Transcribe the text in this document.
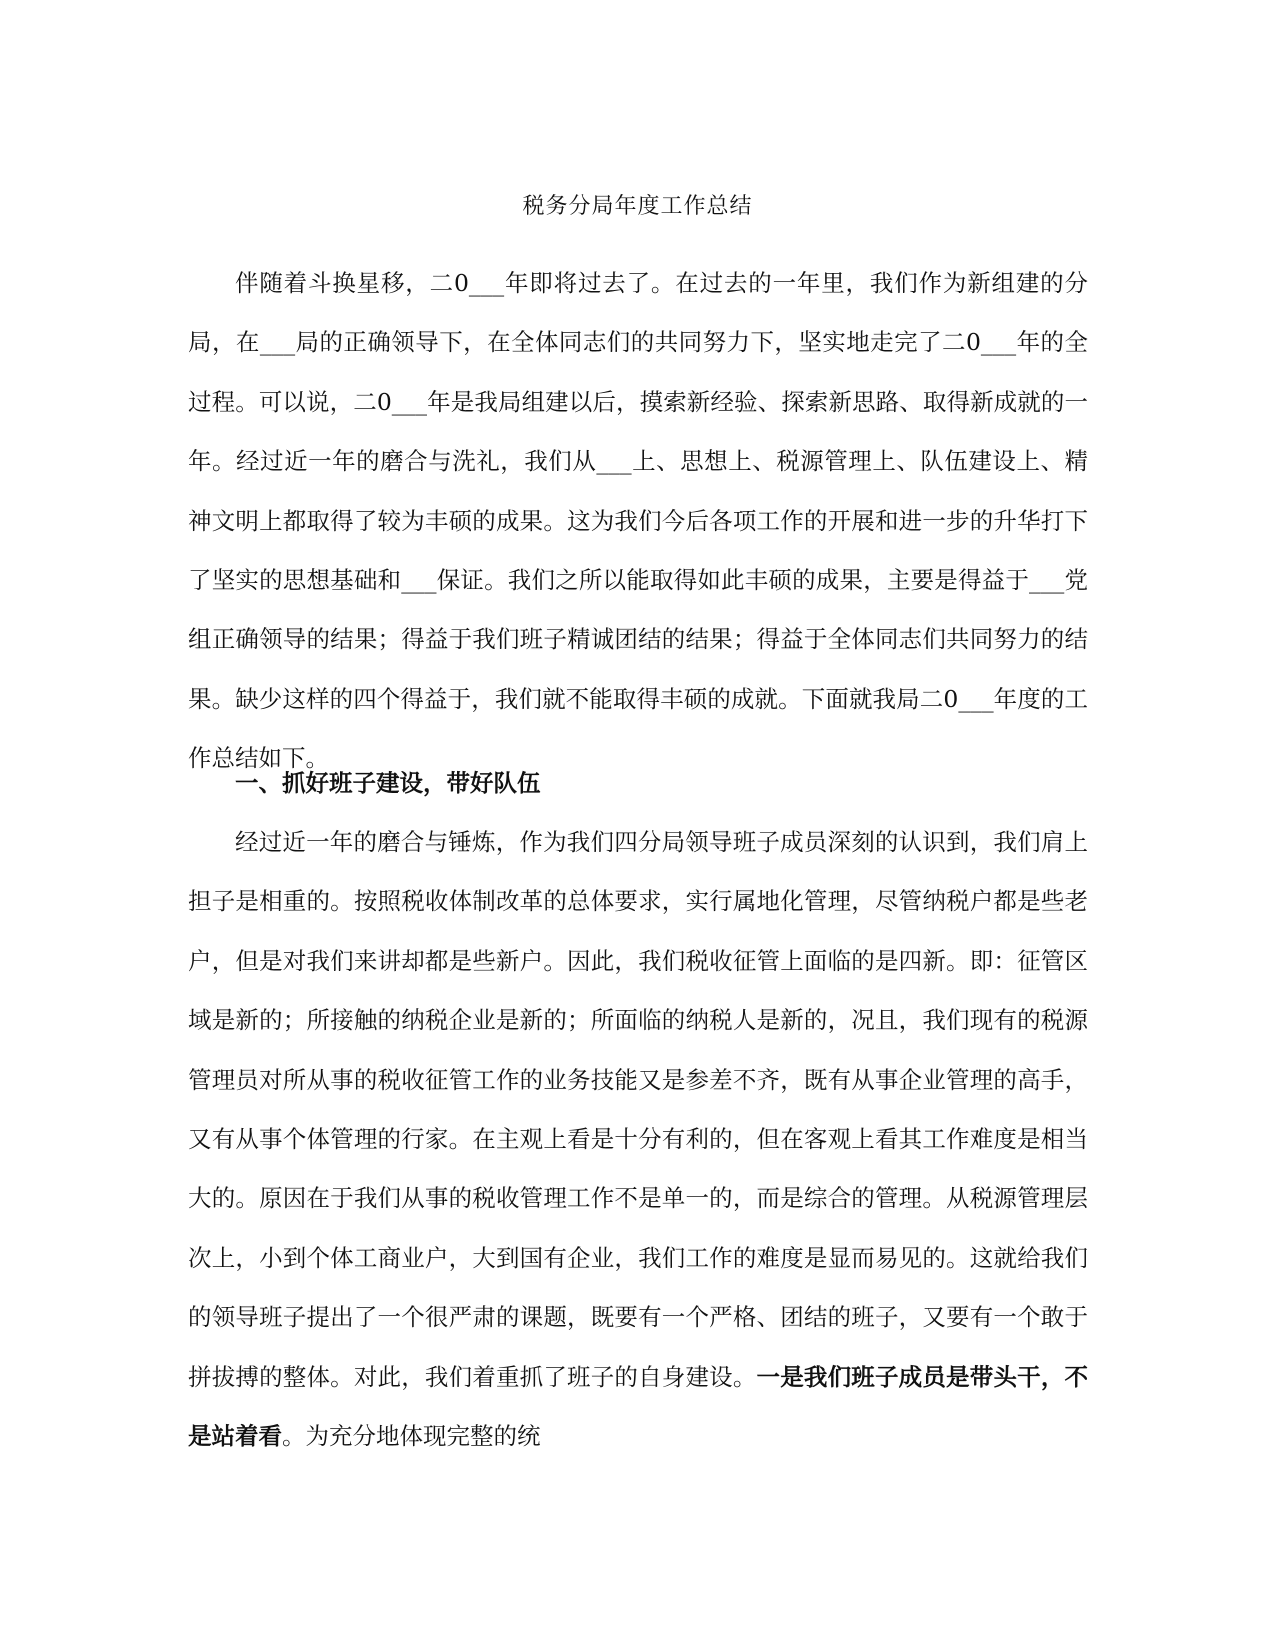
税务分局年度工作总结

伴随着斗换星移，二0___年即将过去了。在过去的一年里，我们作为新组建的分局，在___局的正确领导下，在全体同志们的共同努力下，坚实地走完了二0___年的全过程。可以说，二0___年是我局组建以后，摸索新经验、探索新思路、取得新成就的一年。经过近一年的磨合与洗礼，我们从___上、思想上、税源管理上、队伍建设上、精神文明上都取得了较为丰硕的成果。这为我们今后各项工作的开展和进一步的升华打下了坚实的思想基础和___保证。我们之所以能取得如此丰硕的成果，主要是得益于___党组正确领导的结果；得益于我们班子精诚团结的结果；得益于全体同志们共同努力的结果。缺少这样的四个得益于，我们就不能取得丰硕的成就。下面就我局二0___年度的工作总结如下。

一、抓好班子建设，带好队伍

经过近一年的磨合与锤炼，作为我们四分局领导班子成员深刻的认识到，我们肩上担子是相重的。按照税收体制改革的总体要求，实行属地化管理，尽管纳税户都是些老户，但是对我们来讲却都是些新户。因此，我们税收征管上面临的是四新。即：征管区域是新的；所接触的纳税企业是新的；所面临的纳税人是新的，况且，我们现有的税源管理员对所从事的税收征管工作的业务技能又是参差不齐，既有从事企业管理的高手，又有从事个体管理的行家。在主观上看是十分有利的，但在客观上看其工作难度是相当大的。原因在于我们从事的税收管理工作不是单一的，而是综合的管理。从税源管理层次上，小到个体工商业户，大到国有企业，我们工作的难度是显而易见的。这就给我们的领导班子提出了一个很严肃的课题，既要有一个严格、团结的班子，又要有一个敢于拼拔搏的整体。对此，我们着重抓了班子的自身建设。一是我们班子成员是带头干，不是站着看。为充分地体现完整的统
